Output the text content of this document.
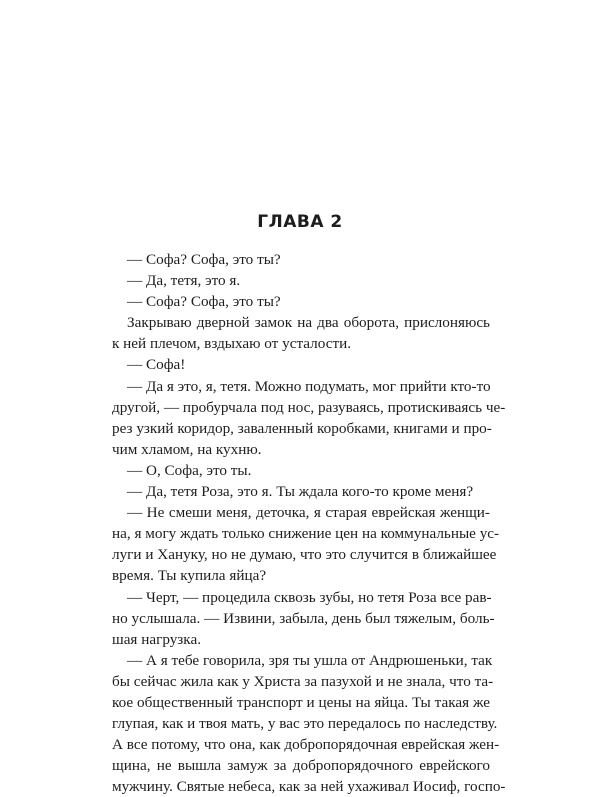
ГЛАВА 2
— Софа? Софа, это ты?
— Да, тетя, это я.
— Софа? Софа, это ты?
Закрываю дверной замок на два оборота, прислоняюсь
к ней плечом, вздыхаю от усталости.
— Софа!
— Да я это, я, тетя. Можно подумать, мог прийти кто-то
другой, — пробурчала под нос, разуваясь, протискиваясь че-
рез узкий коридор, заваленный коробками, книгами и про-
чим хламом, на кухню.
— О, Софа, это ты.
— Да, тетя Роза, это я. Ты ждала кого-то кроме меня?
— Не смеши меня, деточка, я старая еврейская женщи-
на, я могу ждать только снижение цен на коммунальные ус-
луги и Хануку, но не думаю, что это случится в ближайшее
время. Ты купила яйца?
— Черт, — процедила сквозь зубы, но тетя Роза все рав-
но услышала. — Извини, забыла, день был тяжелым, боль-
шая нагрузка.
— А я тебе говорила, зря ты ушла от Андрюшеньки, так
бы сейчас жила как у Христа за пазухой и не знала, что та-
кое общественный транспорт и цены на яйца. Ты такая же
глупая, как и твоя мать, у вас это передалось по наследству.
А все потому, что она, как добропорядочная еврейская жен-
щина, не вышла замуж за добропорядочного еврейского
мужчину. Святые небеса, как за ней ухаживал Иосиф, госпо-
